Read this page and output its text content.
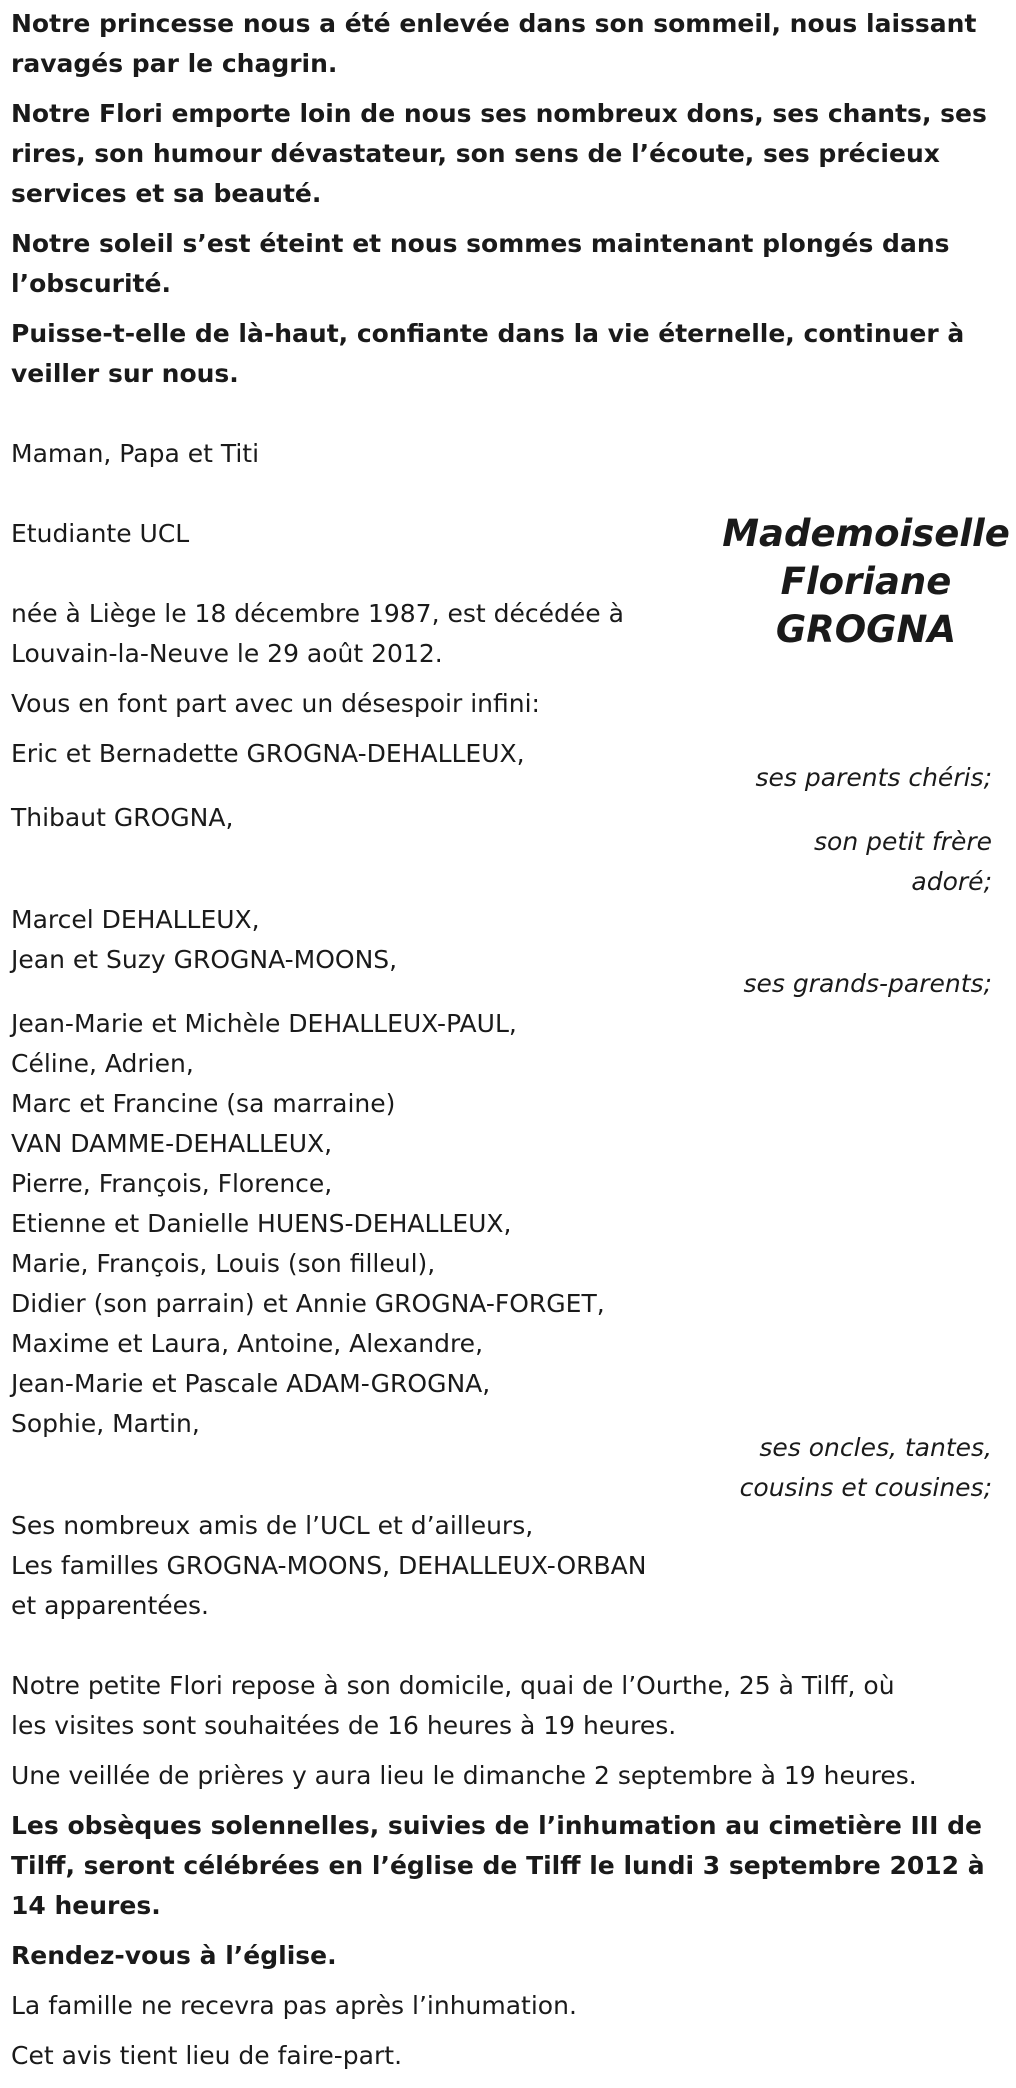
Notre princesse nous a été enlevée dans son sommeil, nous laissant

ravagés par le chagrin.

Notre Flori emporte loin de nous ses nombreux dons, ses chants, ses

rires, son humour dévastateur, son sens de l’écoute, ses précieux

services et sa beauté.

Notre soleil s’est éteint et nous sommes maintenant plongés dans

l’obscurité.

Puisse-t-elle de là-haut, confiante dans la vie éternelle, continuer à

veiller sur nous.

Maman, Papa et Titi

Etudiante UCL	Mademoiselle
Floriane
GROGNA

née à Liège le 18 décembre 1987, est décédée à

Louvain-la-Neuve le 29 août 2012.

Vous en font part avec un désespoir infini:

Eric et Bernadette GROGNA-DEHALLEUX,

ses parents chéris;

Thibaut GROGNA,

son petit frère

adoré;

Marcel DEHALLEUX,

Jean et Suzy GROGNA-MOONS,

ses grands-parents;

Jean-Marie et Michèle DEHALLEUX-PAUL,

Céline, Adrien,

Marc et Francine (sa marraine)

VAN DAMME-DEHALLEUX,

Pierre, François, Florence,

Etienne et Danielle HUENS-DEHALLEUX,

Marie, François, Louis (son filleul),

Didier (son parrain) et Annie GROGNA-FORGET,

Maxime et Laura, Antoine, Alexandre,

Jean-Marie et Pascale ADAM-GROGNA,

Sophie, Martin,

ses oncles, tantes,

cousins et cousines;

Ses nombreux amis de l’UCL et d’ailleurs,

Les familles GROGNA-MOONS, DEHALLEUX-ORBAN

et apparentées.

Notre petite Flori repose à son domicile, quai de l’Ourthe, 25 à Tilff, où

les visites sont souhaitées de 16 heures à 19 heures.

Une veillée de prières y aura lieu le dimanche 2 septembre à 19 heures.

Les obsèques solennelles, suivies de l’inhumation au cimetière III de

Tilff, seront célébrées en l’église de Tilff le lundi 3 septembre 2012 à

14 heures.

Rendez-vous à l’église.

La famille ne recevra pas après l’inhumation.

Cet avis tient lieu de faire-part.
